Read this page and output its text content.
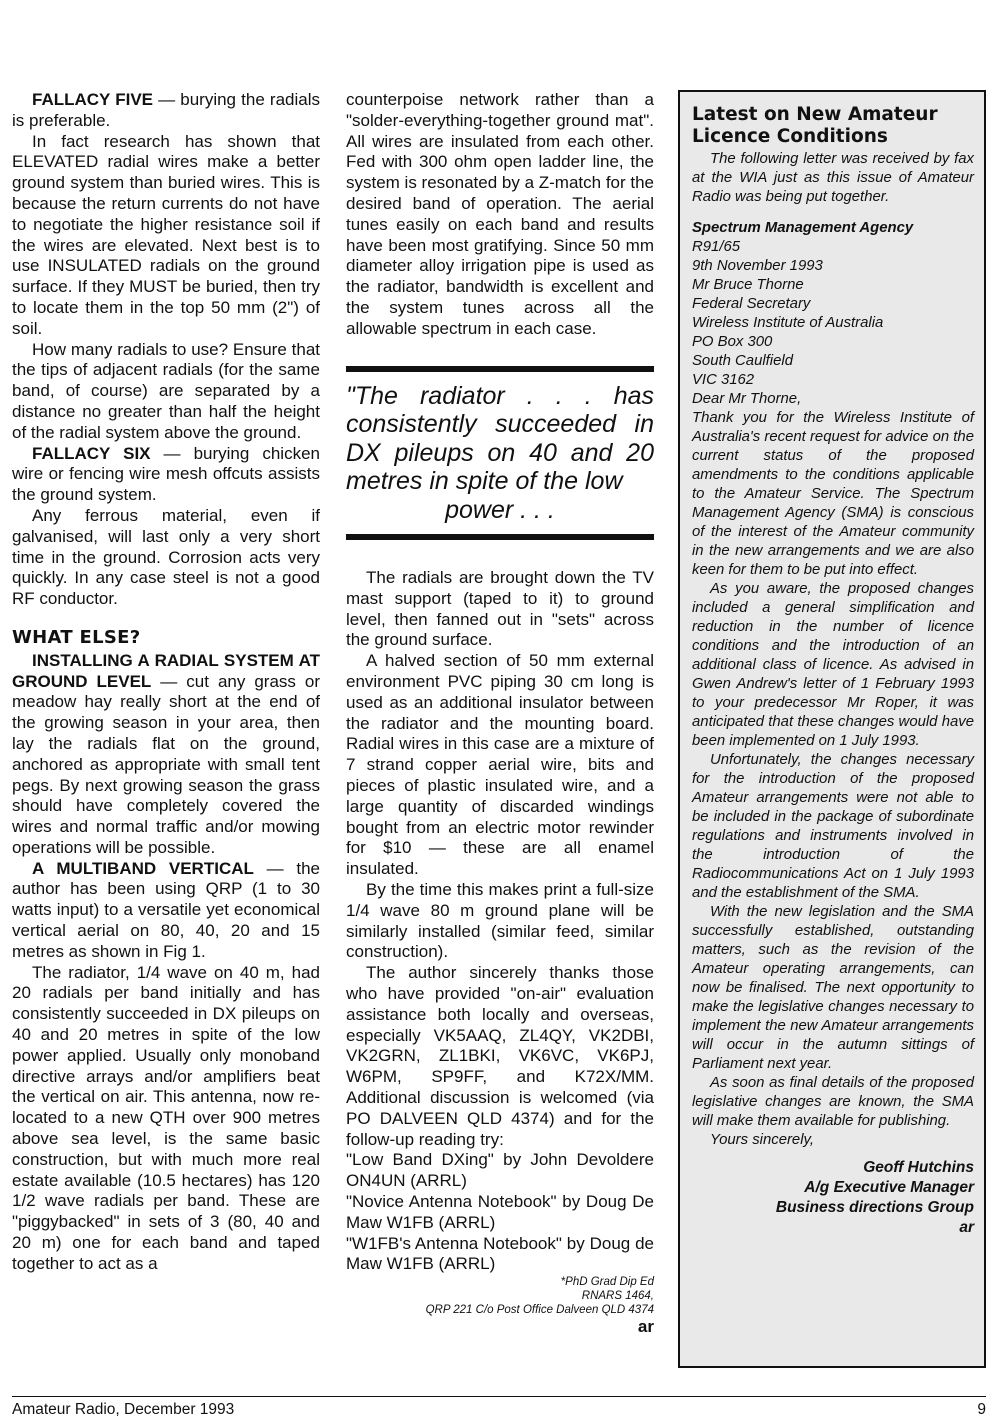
FALLACY FIVE — burying the radials is preferable.

In fact research has shown that ELEVATED radial wires make a better ground system than buried wires. This is because the return currents do not have to negotiate the higher resistance soil if the wires are elevated. Next best is to use INSULATED radials on the ground surface. If they MUST be buried, then try to locate them in the top 50 mm (2") of soil.

How many radials to use? Ensure that the tips of adjacent radials (for the same band, of course) are separated by a distance no greater than half the height of the radial system above the ground.

FALLACY SIX — burying chicken wire or fencing wire mesh offcuts assists the ground system.

Any ferrous material, even if galvanised, will last only a very short time in the ground. Corrosion acts very quickly. In any case steel is not a good RF conductor.

WHAT ELSE?

INSTALLING A RADIAL SYSTEM AT GROUND LEVEL — cut any grass or meadow hay really short at the end of the growing season in your area, then lay the radials flat on the ground, anchored as appropriate with small tent pegs. By next growing season the grass should have completely covered the wires and normal traffic and/or mowing operations will be possible.

A MULTIBAND VERTICAL — the author has been using QRP (1 to 30 watts input) to a versatile yet economical vertical aerial on 80, 40, 20 and 15 metres as shown in Fig 1.

The radiator, 1/4 wave on 40 m, had 20 radials per band initially and has consistently succeeded in DX pileups on 40 and 20 metres in spite of the low power applied. Usually only monoband directive arrays and/or amplifiers beat the vertical on air. This antenna, now re-located to a new QTH over 900 metres above sea level, is the same basic construction, but with much more real estate available (10.5 hectares) has 120 1/2 wave radials per band. These are "piggybacked" in sets of 3 (80, 40 and 20 m) one for each band and taped together to act as a

counterpoise network rather than a "solder-everything-together ground mat". All wires are insulated from each other. Fed with 300 ohm open ladder line, the system is resonated by a Z-match for the desired band of operation. The aerial tunes easily on each band and results have been most gratifying. Since 50 mm diameter alloy irrigation pipe is used as the radiator, bandwidth is excellent and the system tunes across all the allowable spectrum in each case.

"The radiator . . . has consistently succeeded in DX pileups on 40 and 20 metres in spite of the low

power . . .

The radials are brought down the TV mast support (taped to it) to ground level, then fanned out in "sets" across the ground surface.

A halved section of 50 mm external environment PVC piping 30 cm long is used as an additional insulator between the radiator and the mounting board. Radial wires in this case are a mixture of 7 strand copper aerial wire, bits and pieces of plastic insulated wire, and a large quantity of discarded windings bought from an electric motor rewinder for $10 — these are all enamel insulated.

By the time this makes print a full-size 1/4 wave 80 m ground plane will be similarly installed (similar feed, similar construction).

The author sincerely thanks those who have provided "on-air" evaluation assistance both locally and overseas, especially VK5AAQ, ZL4QY, VK2DBI, VK2GRN, ZL1BKI, VK6VC, VK6PJ, W6PM, SP9FF, and K72X/MM. Additional discussion is welcomed (via PO DALVEEN QLD 4374) and for the follow-up reading try:

"Low Band DXing" by John Devoldere ON4UN (ARRL)

"Novice Antenna Notebook" by Doug De Maw W1FB (ARRL)

"W1FB's Antenna Notebook" by Doug de Maw W1FB (ARRL)

*PhD Grad Dip Ed

RNARS 1464,

QRP 221 C/o Post Office Dalveen QLD 4374

ar

Latest on New Amateur Licence Conditions

The following letter was received by fax at the WIA just as this issue of Amateur Radio was being put together.

Spectrum Management Agency

R91/65

9th November 1993

Mr Bruce Thorne

Federal Secretary

Wireless Institute of Australia

PO Box 300

South Caulfield

VIC 3162

Dear Mr Thorne,

Thank you for the Wireless Institute of Australia's recent request for advice on the current status of the proposed amendments to the conditions applicable to the Amateur Service. The Spectrum Management Agency (SMA) is conscious of the interest of the Amateur community in the new arrangements and we are also keen for them to be put into effect.

As you aware, the proposed changes included a general simplification and reduction in the number of licence conditions and the introduction of an additional class of licence. As advised in Gwen Andrew's letter of 1 February 1993 to your predecessor Mr Roper, it was anticipated that these changes would have been implemented on 1 July 1993.

Unfortunately, the changes necessary for the introduction of the proposed Amateur arrangements were not able to be included in the package of subordinate regulations and instruments involved in the introduction of the Radiocommunications Act on 1 July 1993 and the establishment of the SMA.

With the new legislation and the SMA successfully established, outstanding matters, such as the revision of the Amateur operating arrangements, can now be finalised. The next opportunity to make the legislative changes necessary to implement the new Amateur arrangements will occur in the autumn sittings of Parliament next year.

As soon as final details of the proposed legislative changes are known, the SMA will make them available for publishing.

Yours sincerely,

Geoff Hutchins

A/g Executive Manager

Business directions Group

ar

Amateur Radio, December 1993	9
